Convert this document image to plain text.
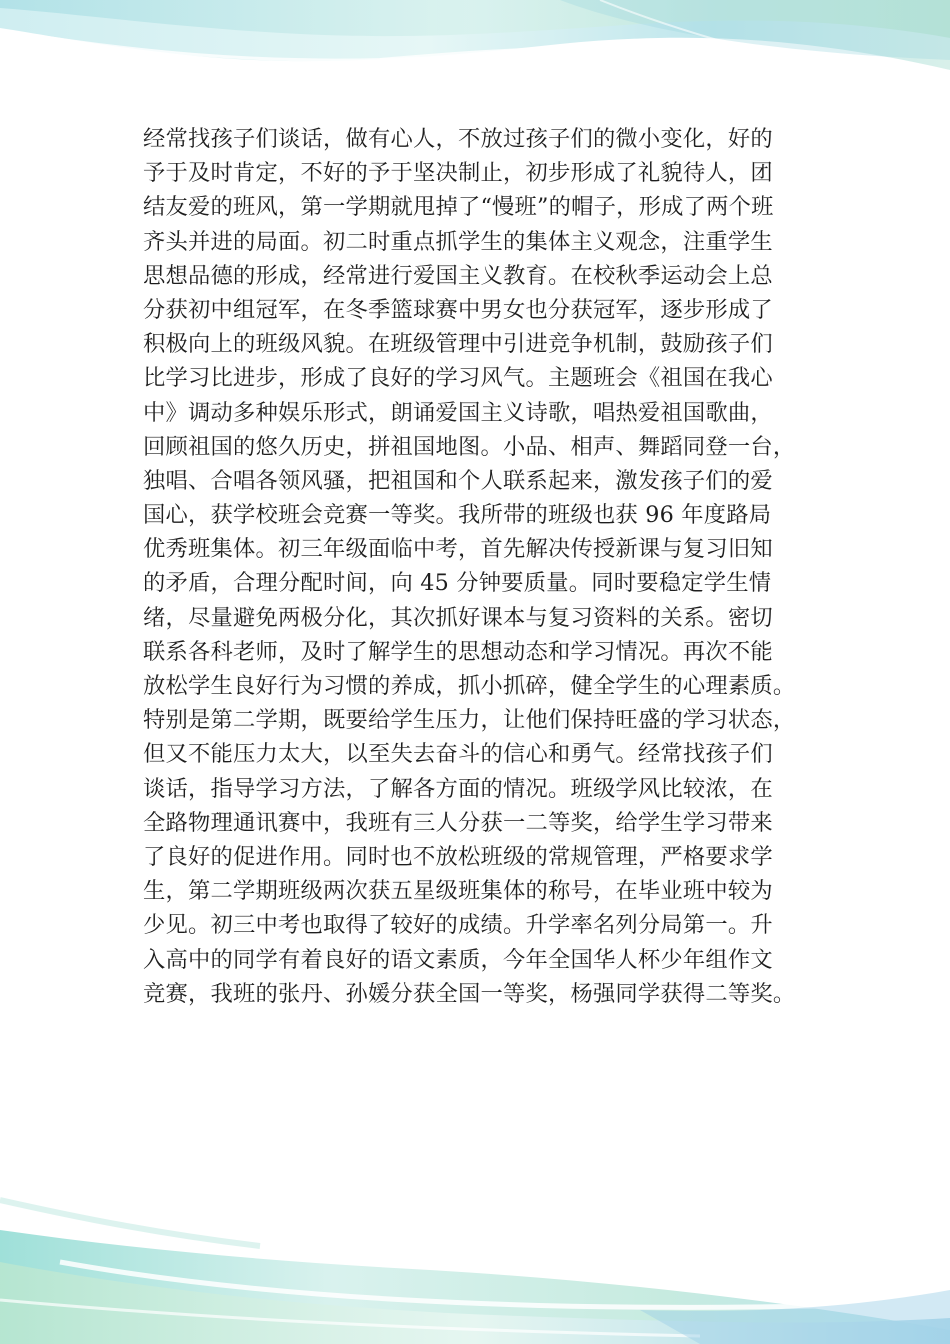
经常找孩子们谈话，做有心人，不放过孩子们的微小变化，好的
予于及时肯定，不好的予于坚决制止，初步形成了礼貌待人，团
结友爱的班风，第一学期就甩掉了“慢班”的帽子，形成了两个班
齐头并进的局面。初二时重点抓学生的集体主义观念，注重学生
思想品德的形成，经常进行爱国主义教育。在校秋季运动会上总
分获初中组冠军，在冬季篮球赛中男女也分获冠军，逐步形成了
积极向上的班级风貌。在班级管理中引进竞争机制，鼓励孩子们
比学习比进步，形成了良好的学习风气。主题班会《祖国在我心
中》调动多种娱乐形式，朗诵爱国主义诗歌，唱热爱祖国歌曲，
回顾祖国的悠久历史，拼祖国地图。小品、相声、舞蹈同登一台，
独唱、合唱各领风骚，把祖国和个人联系起来，激发孩子们的爱
国心，获学校班会竞赛一等奖。我所带的班级也获 96 年度路局
优秀班集体。初三年级面临中考，首先解决传授新课与复习旧知
的矛盾，合理分配时间，向 45 分钟要质量。同时要稳定学生情
绪，尽量避免两极分化，其次抓好课本与复习资料的关系。密切
联系各科老师，及时了解学生的思想动态和学习情况。再次不能
放松学生良好行为习惯的养成，抓小抓碎，健全学生的心理素质。
特别是第二学期，既要给学生压力，让他们保持旺盛的学习状态，
但又不能压力太大，以至失去奋斗的信心和勇气。经常找孩子们
谈话，指导学习方法，了解各方面的情况。班级学风比较浓，在
全路物理通讯赛中，我班有三人分获一二等奖，给学生学习带来
了良好的促进作用。同时也不放松班级的常规管理，严格要求学
生，第二学期班级两次获五星级班集体的称号，在毕业班中较为
少见。初三中考也取得了较好的成绩。升学率名列分局第一。升
入高中的同学有着良好的语文素质，今年全国华人杯少年组作文
竞赛，我班的张丹、孙媛分获全国一等奖，杨强同学获得二等奖。
